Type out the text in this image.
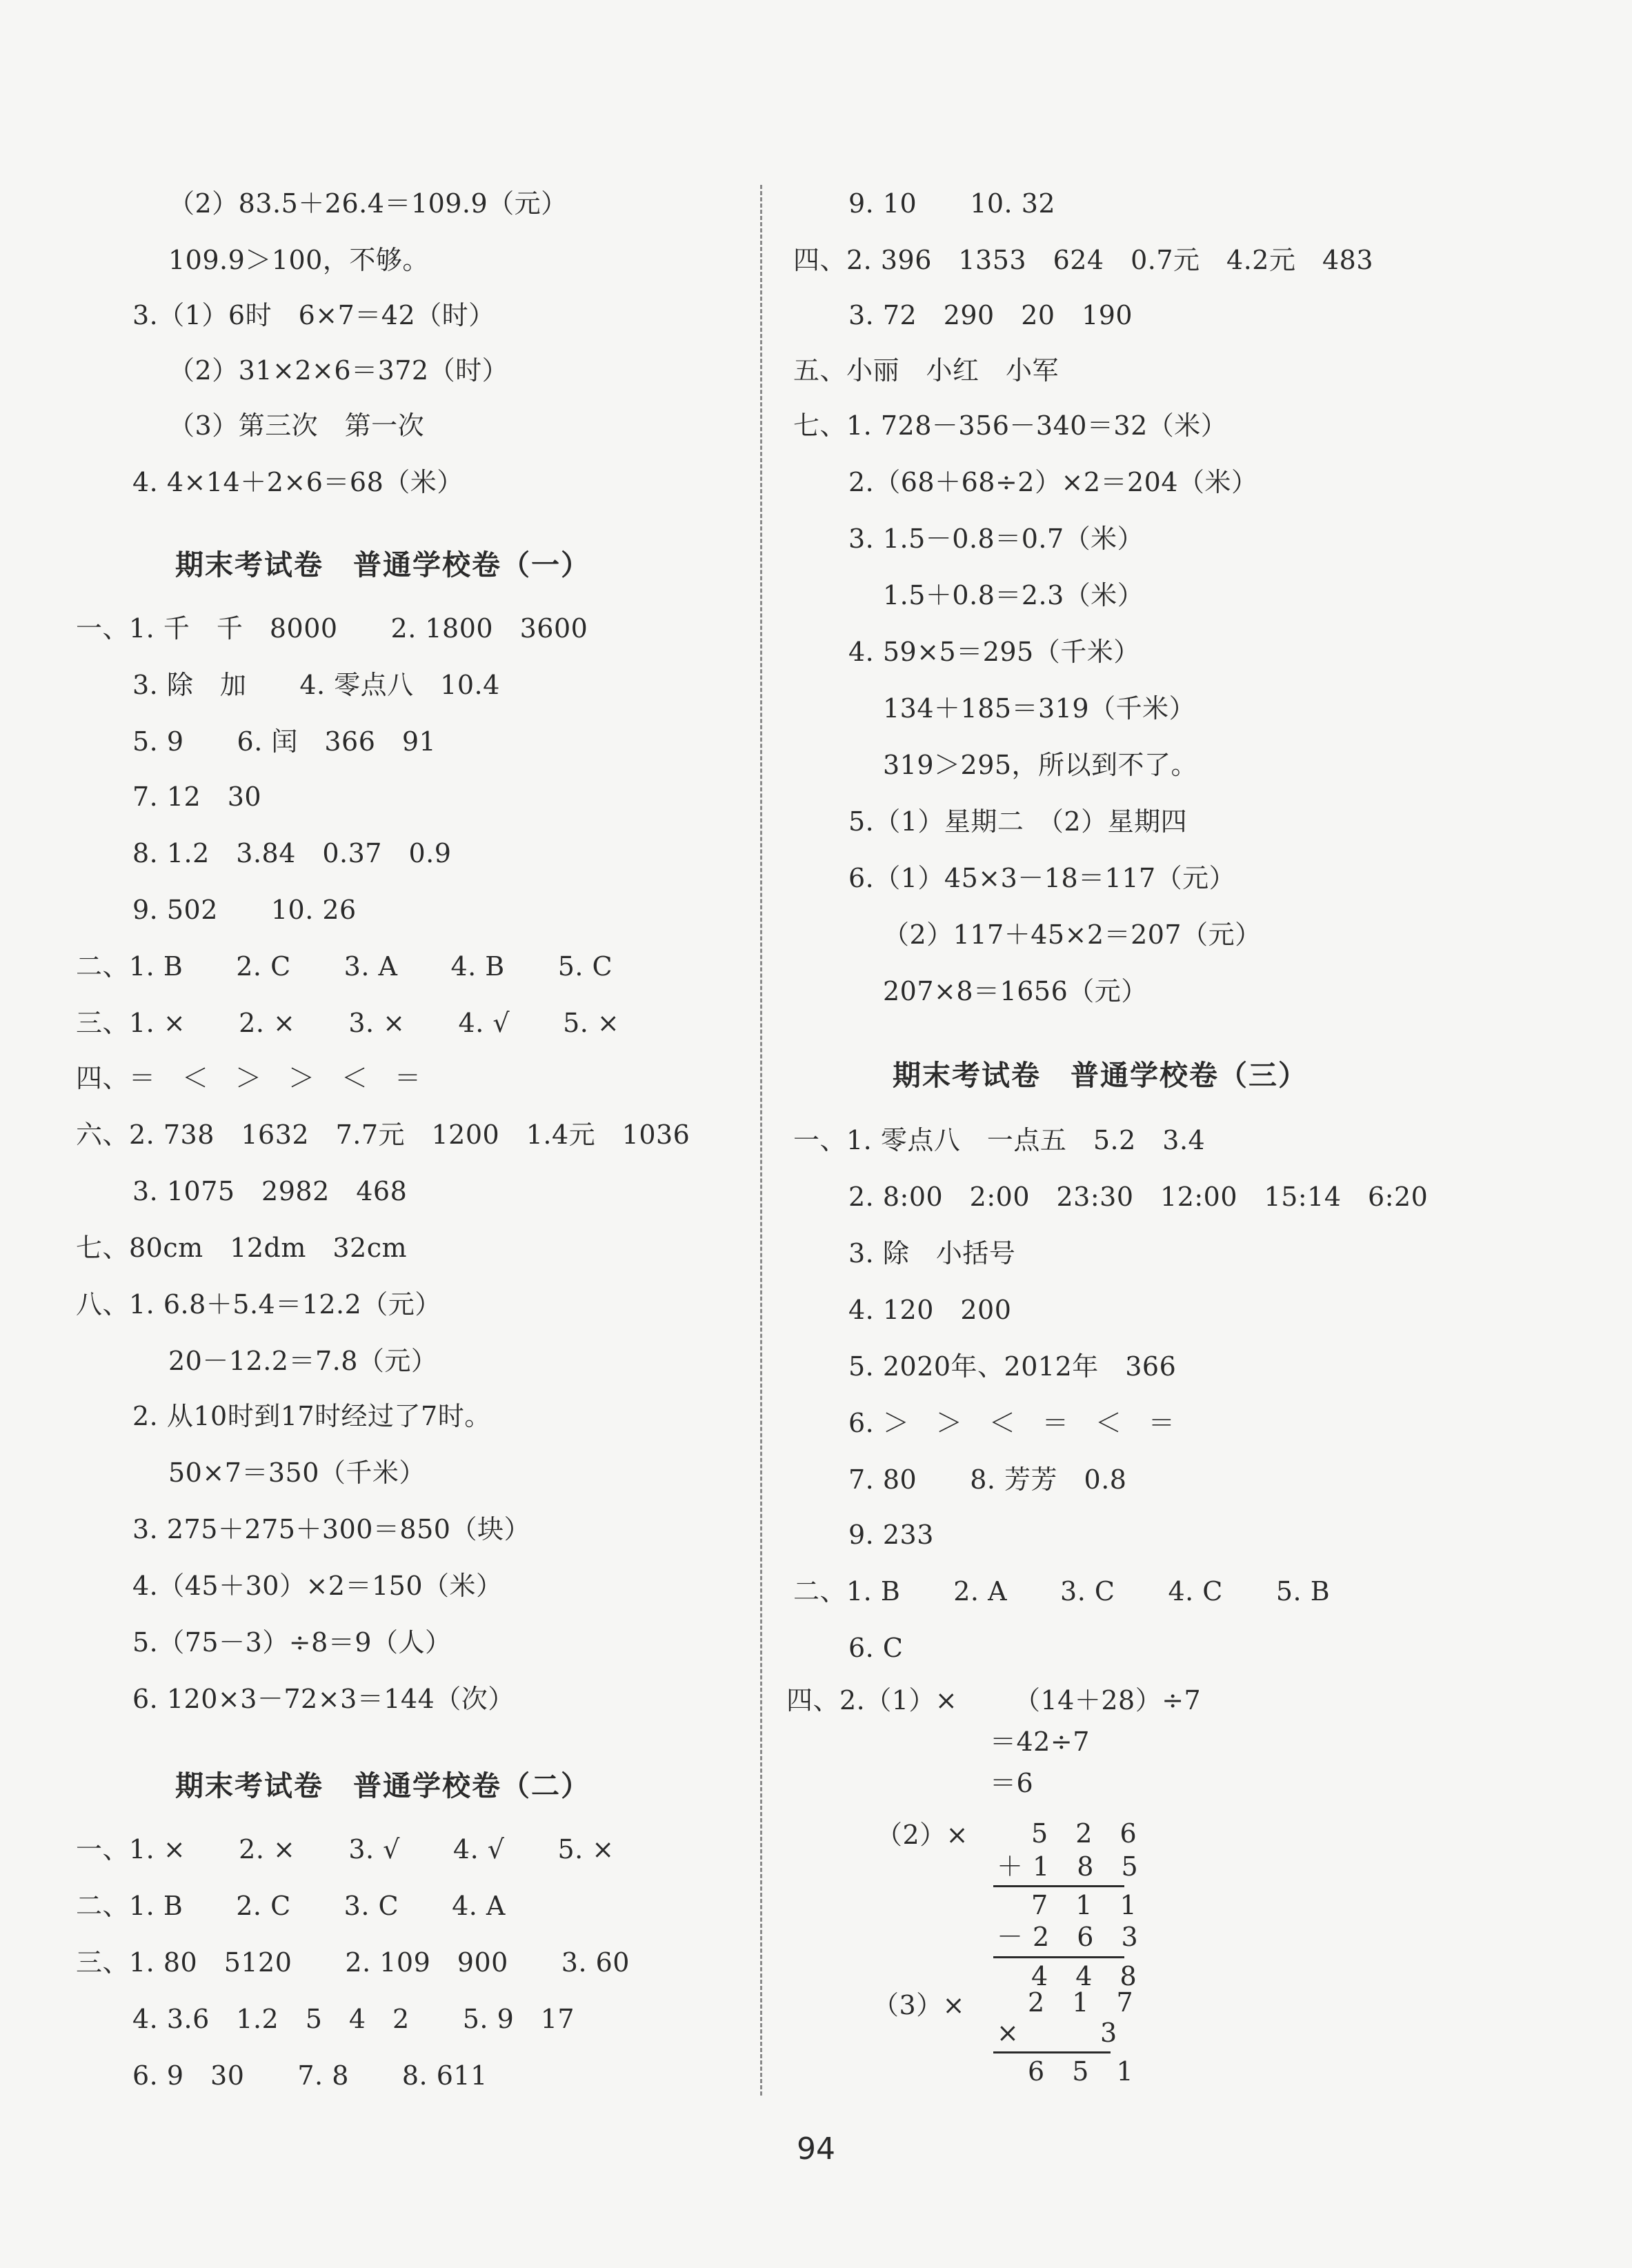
（2）83.5＋26.4＝109.9（元）
109.9＞100，不够。
3.（1）6时　6×7＝42（时）
（2）31×2×6＝372（时）
（3）第三次　第一次
4. 4×14＋2×6＝68（米）
期末考试卷　普通学校卷（一）
一、1. 千　千　8000　　2. 1800　3600
3. 除　加　　4. 零点八　10.4
5. 9　　6. 闰　366　91
7. 12　30
8. 1.2　3.84　0.37　0.9
9. 502　　10. 26
二、1. B　　2. C　　3. A　　4. B　　5. C
三、1. ×　　2. ×　　3. ×　　4. √　　5. ×
四、＝　＜　＞　＞　＜　＝
六、2. 738　1632　7.7元　1200　1.4元　1036
3. 1075　2982　468
七、80cm　12dm　32cm
八、1. 6.8＋5.4＝12.2（元）
20－12.2＝7.8（元）
2. 从10时到17时经过了7时。
50×7＝350（千米）
3. 275＋275＋300＝850（块）
4.（45＋30）×2＝150（米）
5.（75－3）÷8＝9（人）
6. 120×3－72×3＝144（次）
期末考试卷　普通学校卷（二）
一、1. ×　　2. ×　　3. √　　4. √　　5. ×
二、1. B　　2. C　　3. C　　4. A
三、1. 80　5120　　2. 109　900　　3. 60
4. 3.6　1.2　5　4　2　　5. 9　17
6. 9　30　　7. 8　　8. 611
9. 10　　10. 32
四、2. 396　1353　624　0.7元　4.2元　483
3. 72　290　20　190
五、小丽　小红　小军
七、1. 728－356－340＝32（米）
2.（68＋68÷2）×2＝204（米）
3. 1.5－0.8＝0.7（米）
1.5＋0.8＝2.3（米）
4. 59×5＝295（千米）
134＋185＝319（千米）
319＞295，所以到不了。
5.（1）星期二　（2）星期四
6.（1）45×3－18＝117（元）
（2）117＋45×2＝207（元）
207×8＝1656（元）
期末考试卷　普通学校卷（三）
一、1. 零点八　一点五　5.2　3.4
2. 8:00　2:00　23:30　12:00　15:14　6:20
3. 除　小括号
4. 120　200
5. 2020年、2012年　366
6. ＞　＞　＜　＝　＜　＝
7. 80　　8. 芳芳　0.8
9. 233
二、1. B　　2. A　　3. C　　4. C　　5. B
6. C
四、2.（1）× （14＋28）÷7
＝42÷7
＝6
（2）× 5 2 6
＋1 8 5
7 1 1
－2 6 3
4 4 8
（3）× 2 1 7
× 　 3
6 5 1
94
